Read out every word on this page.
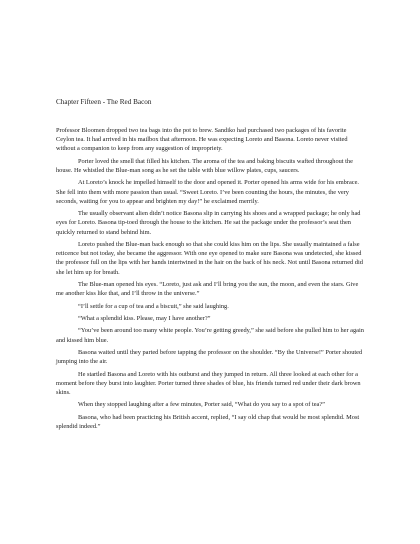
Chapter Fifteen - The Red Bacon

Professor Bloomen dropped two tea bags into the pot to brew. Sandiko had purchased two packages of his favorite Ceylon tea. It had arrived in his mailbox that afternoon. He was expecting Loreto and Basona. Loreto never visited without a companion to keep from any suggestion of impropriety.

Porter loved the smell that filled his kitchen. The aroma of the tea and baking biscuits wafted throughout the house. He whistled the Blue-man song as he set the table with blue willow plates, cups, saucers.

At Loreto’s knock he impelled himself to the door and opened it. Porter opened his arms wide for his embrace. She fell into them with more passion than usual. “Sweet Loreto. I’ve been counting the hours, the minutes, the very seconds, waiting for you to appear and brighten my day!” he exclaimed merrily.

The usually observant alien didn’t notice Basona slip in carrying his shoes and a wrapped package; he only had eyes for Loreto. Basona tip-toed through the house to the kitchen. He sat the package under the professor’s seat then quickly returned to stand behind him.

Loreto pushed the Blue-man back enough so that she could kiss him on the lips. She usually maintained a false reticence but not today, she became the aggressor. With one eye opened to make sure Basona was undetected, she kissed the professor full on the lips with her hands intertwined in the hair on the back of his neck. Not until Basona returned did she let him up for breath.

The Blue-man opened his eyes. “Loreto, just ask and I’ll bring you the sun, the moon, and even the stars. Give me another kiss like that, and I’ll throw in the universe.”

“I’ll settle for a cup of tea and a biscuit,” she said laughing.

“What a splendid kiss. Please, may I have another?”

“You’ve been around too many white people. You’re getting greedy,” she said before she pulled him to her again and kissed him blue.

Basona waited until they parted before tapping the professor on the shoulder. “By the Universe!” Porter shouted jumping into the air.

He startled Basona and Loreto with his outburst and they jumped in return. All three looked at each other for a moment before they burst into laughter. Porter turned three shades of blue, his friends turned red under their dark brown skins.

When they stopped laughing after a few minutes, Porter said, “What do you say to a spot of tea?”

Basona, who had been practicing his British accent, replied, “I say old chap that would be most splendid. Most splendid indeed.”
